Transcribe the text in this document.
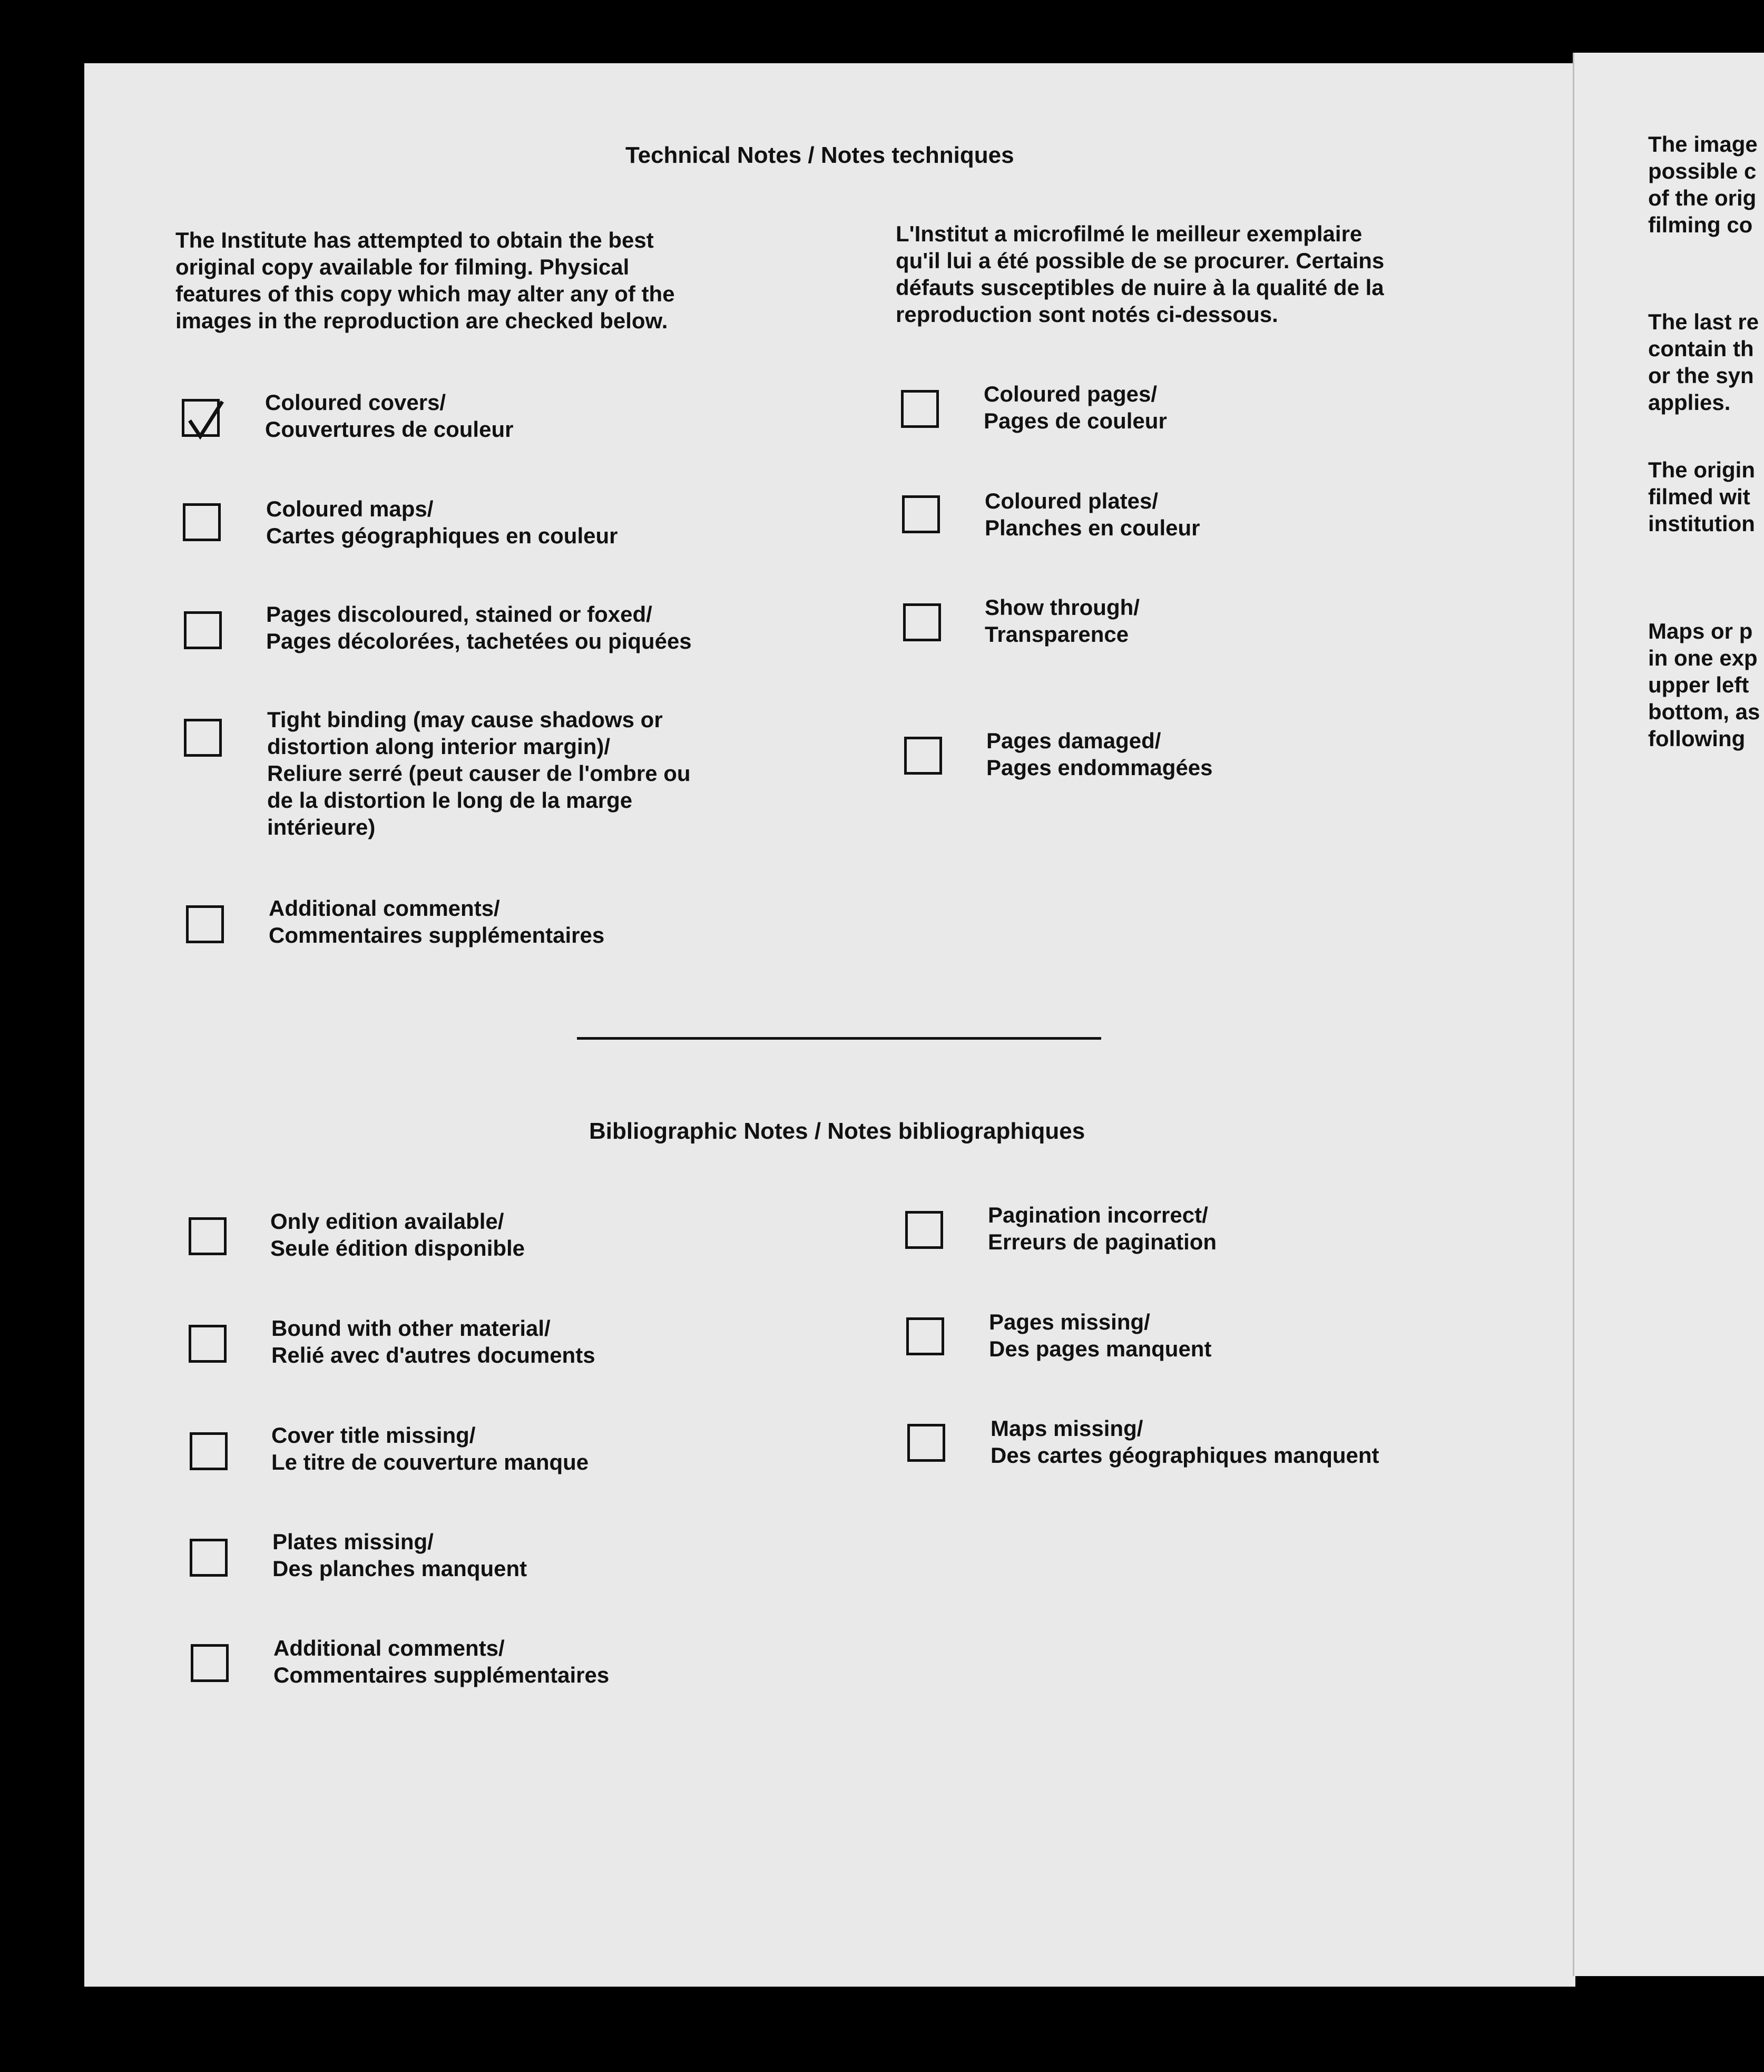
Technical Notes / Notes techniques
The Institute has attempted to obtain the best
original copy available for filming. Physical
features of this copy which may alter any of the
images in the reproduction are checked below.
L'Institut a microfilmé le meilleur exemplaire
qu'il lui a été possible de se procurer. Certains
défauts susceptibles de nuire à la qualité de la
reproduction sont notés ci-dessous.
Coloured covers/
Couvertures de couleur
Coloured maps/
Cartes géographiques en couleur
Pages discoloured, stained or foxed/
Pages décolorées, tachetées ou piquées
Tight binding (may cause shadows or
distortion along interior margin)/
Reliure serré (peut causer de l'ombre ou
de la distortion le long de la marge
intérieure)
Additional comments/
Commentaires supplémentaires
Coloured pages/
Pages de couleur
Coloured plates/
Planches en couleur
Show through/
Transparence
Pages damaged/
Pages endommagées
Bibliographic Notes / Notes bibliographiques
Only edition available/
Seule édition disponible
Bound with other material/
Relié avec d'autres documents
Cover title missing/
Le titre de couverture manque
Plates missing/
Des planches manquent
Additional comments/
Commentaires supplémentaires
Pagination incorrect/
Erreurs de pagination
Pages missing/
Des pages manquent
Maps missing/
Des cartes géographiques manquent
The image
possible c
of the orig
filming co
The last re
contain th
or the syn
applies.
The origin
filmed wit
institution
Maps or p
in one exp
upper left
bottom, as
following
